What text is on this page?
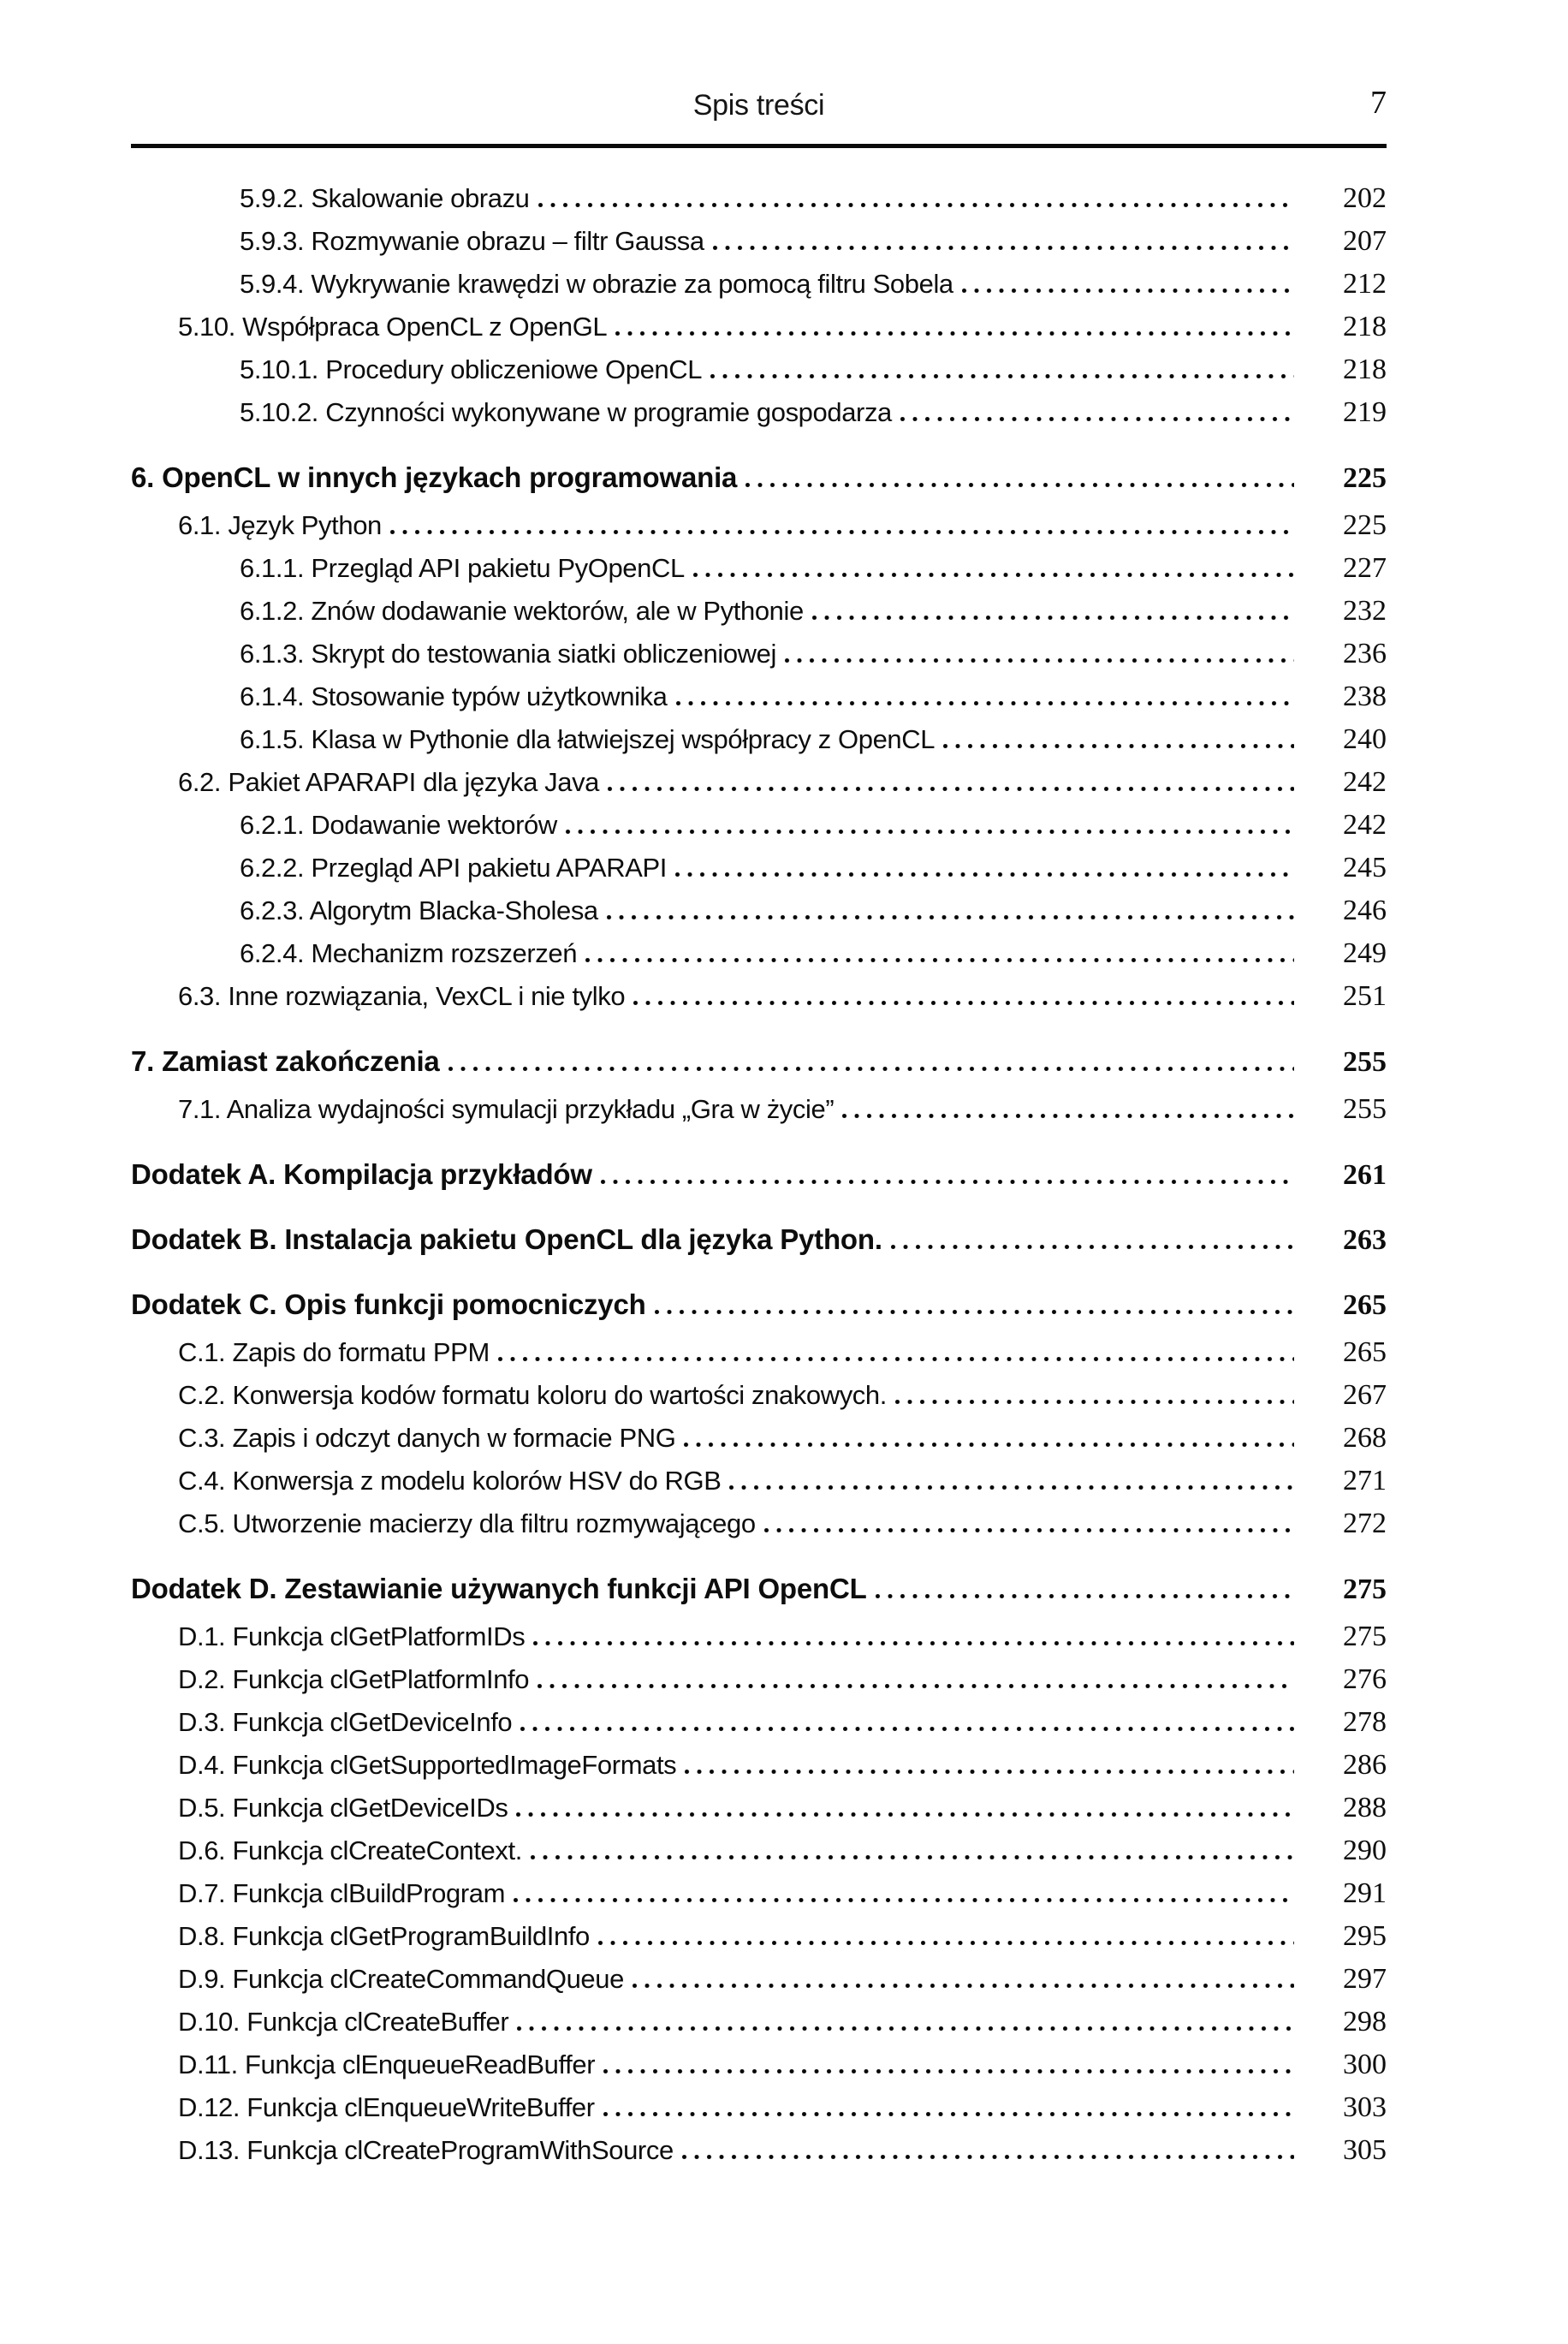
Spis treści	7
5.9.2. Skalowanie obrazu	202
5.9.3. Rozmywanie obrazu – filtr Gaussa	207
5.9.4. Wykrywanie krawędzi w obrazie za pomocą filtru Sobela	212
5.10. Współpraca OpenCL z OpenGL	218
5.10.1. Procedury obliczeniowe OpenCL	218
5.10.2. Czynności wykonywane w programie gospodarza	219
6. OpenCL w innych językach programowania	225
6.1. Język Python	225
6.1.1. Przegląd API pakietu PyOpenCL	227
6.1.2. Znów dodawanie wektorów, ale w Pythonie	232
6.1.3. Skrypt do testowania siatki obliczeniowej	236
6.1.4. Stosowanie typów użytkownika	238
6.1.5. Klasa w Pythonie dla łatwiejszej współpracy z OpenCL	240
6.2. Pakiet APARAPI dla języka Java	242
6.2.1. Dodawanie wektorów	242
6.2.2. Przegląd API pakietu APARAPI	245
6.2.3. Algorytm Blacka-Sholesa	246
6.2.4. Mechanizm rozszerzeń	249
6.3. Inne rozwiązania, VexCL i nie tylko	251
7. Zamiast zakończenia	255
7.1. Analiza wydajności symulacji przykładu „Gra w życie”	255
Dodatek A. Kompilacja przykładów	261
Dodatek B. Instalacja pakietu OpenCL dla języka Python.	263
Dodatek C. Opis funkcji pomocniczych	265
C.1. Zapis do formatu PPM	265
C.2. Konwersja kodów formatu koloru do wartości znakowych.	267
C.3. Zapis i odczyt danych w formacie PNG	268
C.4. Konwersja z modelu kolorów HSV do RGB	271
C.5. Utworzenie macierzy dla filtru rozmywającego	272
Dodatek D. Zestawianie używanych funkcji API OpenCL	275
D.1. Funkcja clGetPlatformIDs	275
D.2. Funkcja clGetPlatformInfo	276
D.3. Funkcja clGetDeviceInfo	278
D.4. Funkcja clGetSupportedImageFormats	286
D.5. Funkcja clGetDeviceIDs	288
D.6. Funkcja clCreateContext.	290
D.7. Funkcja clBuildProgram	291
D.8. Funkcja clGetProgramBuildInfo	295
D.9. Funkcja clCreateCommandQueue	297
D.10. Funkcja clCreateBuffer	298
D.11. Funkcja clEnqueueReadBuffer	300
D.12. Funkcja clEnqueueWriteBuffer	303
D.13. Funkcja clCreateProgramWithSource	305
